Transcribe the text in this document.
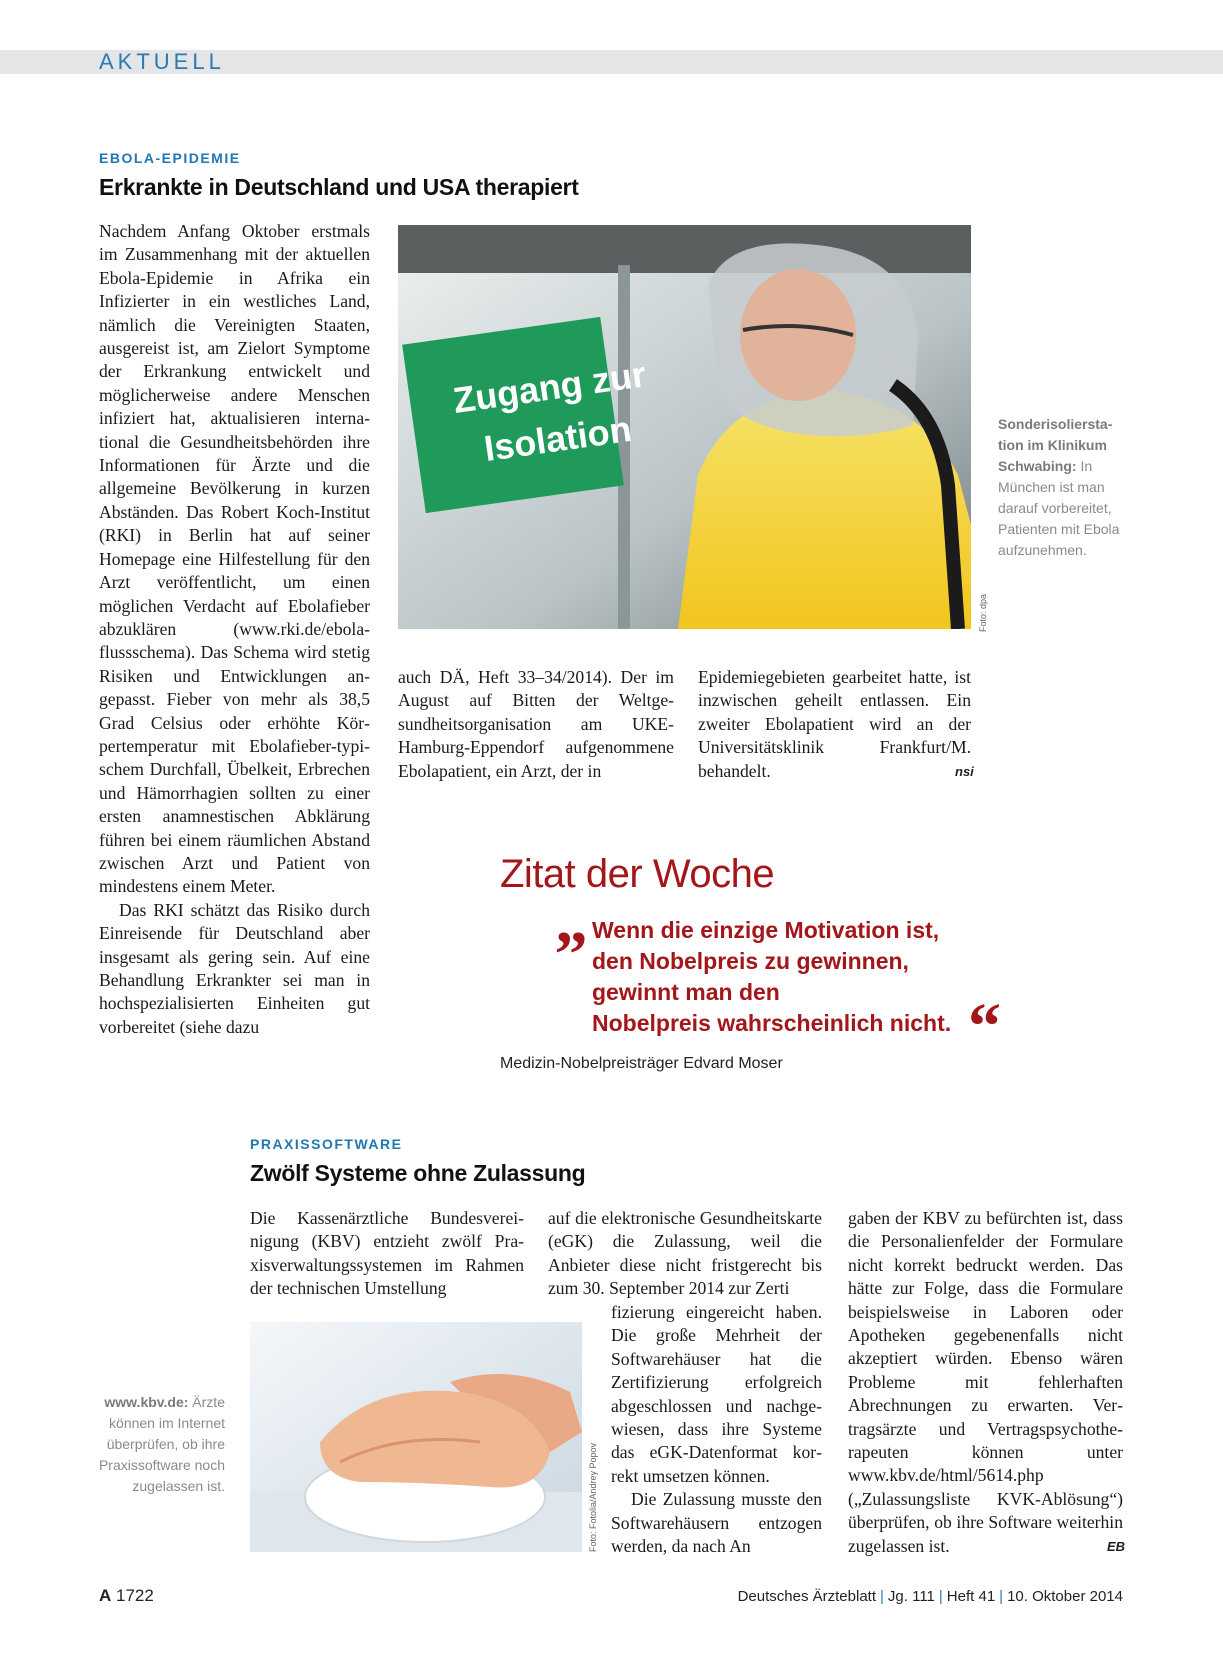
AKTUELL
EBOLA-EPIDEMIE
Erkrankte in Deutschland und USA therapiert

Nachdem Anfang Oktober erstmals im Zusammenhang mit der aktuellen Ebola-Epidemie in Afrika ein Infizierter in ein westliches Land, nämlich die Vereinigten Staaten, ausgereist ist, am Zielort Symptome der Erkrankung entwickelt und möglicherweise andere Menschen infiziert hat, aktualisieren international die Gesundheitsbehörden ihre Informationen für Ärzte und die allgemeine Bevölkerung in kurzen Abständen. Das Robert Koch-Institut (RKI) in Berlin hat auf seiner Homepage eine Hilfestellung für den Arzt veröffentlicht, um einen möglichen Verdacht auf Ebolafieber abzuklären (www.rki.de/ebolaflussschema). Das Schema wird stetig Risiken und Entwicklungen angepasst. Fieber von mehr als 38,5 Grad Celsius oder erhöhte Körpertemperatur mit Ebolafieber-typischem Durchfall, Übelkeit, Erbrechen und Hämorrhagien sollten zu einer ersten anamnestischen Abklärung führen bei einem räumlichen Abstand zwischen Arzt und Patient von mindestens einem Meter.

Das RKI schätzt das Risiko durch Einreisende für Deutschland aber insgesamt als gering sein. Auf eine Behandlung Erkrankter sei man in hochspezialisierten Einheiten gut vorbereitet (siehe dazu

Zugang zur
Isolation
Foto: dpa
Sonderisolierstation im Klinikum Schwabing: In München ist man darauf vorbereitet, Patienten mit Ebola aufzunehmen.

auch DÄ, Heft 33–34/2014). Der im August auf Bitten der Weltgesundheitsorganisation am UKE-Hamburg-Eppendorf aufgenommene Ebolapatient, ein Arzt, der in

Epidemiegebieten gearbeitet hatte, ist inzwischen geheilt entlassen. Ein zweiter Ebolapatient wird an der Universitätsklinik Frankfurt/M. behandelt.	nsi
Zitat der Woche
„ Wenn die einzige Motivation ist,
den Nobelpreis zu gewinnen,
gewinnt man den
Nobelpreis wahrscheinlich nicht. “
Medizin-Nobelpreisträger Edvard Moser
PRAXISSOFTWARE
Zwölf Systeme ohne Zulassung

Die Kassenärztliche Bundesvereinigung (KBV) entzieht zwölf Praxisverwaltungssystemen im Rahmen der technischen Umstellung

Foto: Fotolia/Andrey Popov
www.kbv.de: Ärzte können im Internet überprüfen, ob ihre Praxissoftware noch zugelassen ist.

auf die elektronische Gesundheitskarte (eGK) die Zulassung, weil die Anbieter diese nicht fristgerecht bis zum 30. September 2014 zur Zerti

fizierung eingereicht haben. Die große Mehrheit der Softwarehäuser hat die Zertifizierung erfolgreich abgeschlossen und nachgewiesen, dass ihre Systeme das eGK-Datenformat korrekt umsetzen können.

Die Zulassung musste den Softwarehäusern entzogen werden, da nach An

gaben der KBV zu befürchten ist, dass die Personalienfelder der Formulare nicht korrekt bedruckt werden. Das hätte zur Folge, dass die Formulare beispielsweise in Laboren oder Apotheken gegebenenfalls nicht akzeptiert würden. Ebenso wären Probleme mit fehlerhaften Abrechnungen zu erwarten. Vertragsärzte und Vertragspsychotherapeuten können unter www.kbv.de/html/5614.php („Zulassungsliste KVK-Ablösung“) überprüfen, ob ihre Software weiterhin zugelassen ist.	EB
A 1722	Deutsches Ärzteblatt | Jg. 111 | Heft 41 | 10. Oktober 2014
